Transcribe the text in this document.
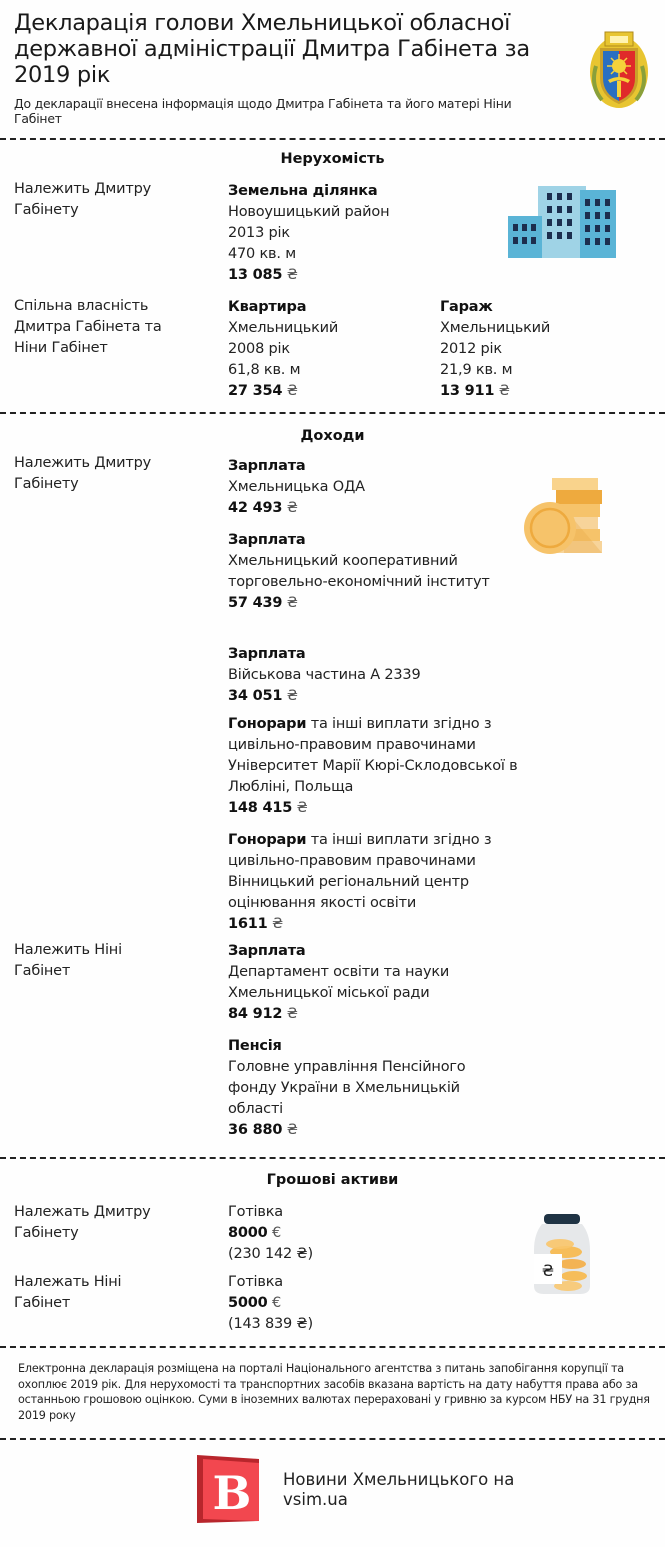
Декларація голови Хмельницької обласної державної адміністрації Дмитра Габінета за 2019 рік
До декларації внесена інформація щодо Дмитра Габінета та його матері Ніни Габінет
Нерухомість
Належить Дмитру Габінету
Земельна ділянка
Новоушицький район
2013 рік
470 кв. м
13 085 ₴
Спільна власність Дмитра Габінета та Ніни Габінет
Квартира
Хмельницький
2008 рік
61,8 кв. м
27 354 ₴
Гараж
Хмельницький
2012 рік
21,9 кв. м
13 911 ₴
Доходи
Належить Дмитру Габінету
Зарплата
Хмельницька ОДА
42 493 ₴
Зарплата
Хмельницький кооперативний торговельно-економічний інститут
57 439 ₴
Зарплата
Військова частина А 2339
34 051 ₴
Гонорари та інші виплати згідно з цивільно-правовим правочинами
Університет Марії Кюрі-Склодовської в Любліні, Польща
148 415 ₴
Гонорари та інші виплати згідно з цивільно-правовим правочинами
Вінницький регіональний центр оцінювання якості освіти
1611 ₴
Належить Ніні Габінет
Зарплата
Департамент освіти та науки Хмельницької міської ради
84 912 ₴
Пенсія
Головне управління Пенсійного фонду України в Хмельницькій області
36 880 ₴
Грошові активи
Належать Дмитру Габінету
Готівка
8000 €
(230 142 ₴)
Належать Ніні Габінет
Готівка
5000 €
(143 839 ₴)
₴
Електронна декларація розміщена на порталі Національного агентства з питань запобігання корупції та охоплює 2019 рік. Для нерухомості та транспортних засобів вказана вартість на дату набуття права або за останньою грошовою оцінкою. Суми в іноземних валютах перераховані у гривню за курсом НБУ на 31 грудня 2019 року
В Новини Хмельницького на vsim.ua
